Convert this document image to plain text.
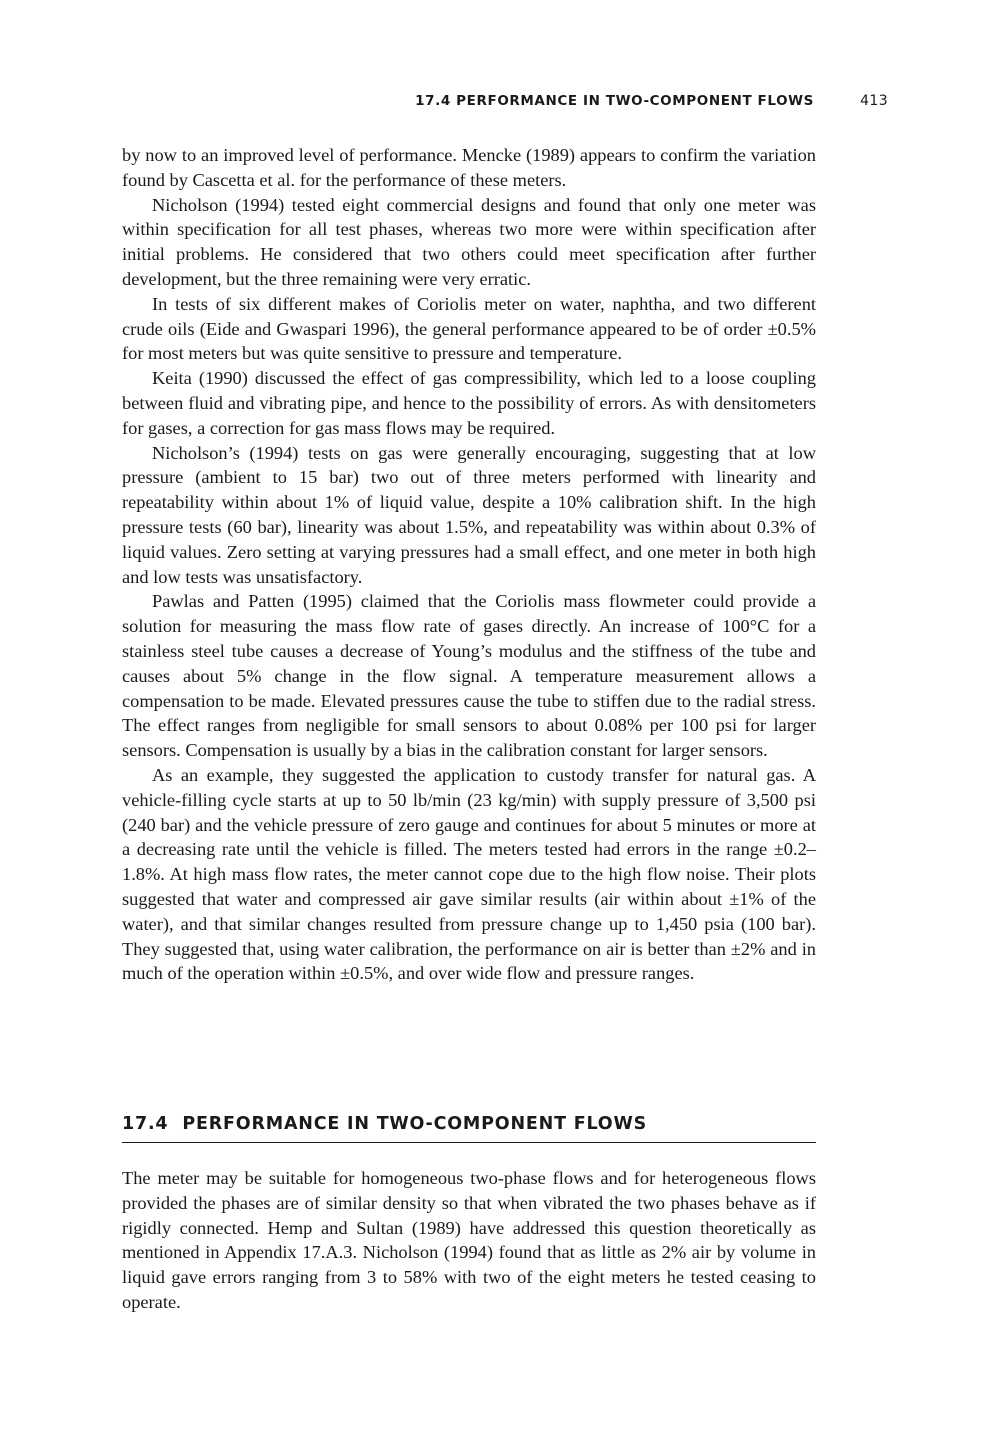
17.4 PERFORMANCE IN TWO-COMPONENT FLOWS	413

by now to an improved level of performance. Mencke (1989) appears to confirm the variation found by Cascetta et al. for the performance of these meters.

Nicholson (1994) tested eight commercial designs and found that only one meter was within specification for all test phases, whereas two more were within specification after initial problems. He considered that two others could meet specification after further development, but the three remaining were very erratic.

In tests of six different makes of Coriolis meter on water, naphtha, and two different crude oils (Eide and Gwaspari 1996), the general performance appeared to be of order ±0.5% for most meters but was quite sensitive to pressure and temperature.

Keita (1990) discussed the effect of gas compressibility, which led to a loose coupling between fluid and vibrating pipe, and hence to the possibility of errors. As with densitometers for gases, a correction for gas mass flows may be required.

Nicholson’s (1994) tests on gas were generally encouraging, suggesting that at low pressure (ambient to 15 bar) two out of three meters performed with linearity and repeatability within about 1% of liquid value, despite a 10% calibration shift. In the high pressure tests (60 bar), linearity was about 1.5%, and repeatability was within about 0.3% of liquid values. Zero setting at varying pressures had a small effect, and one meter in both high and low tests was unsatisfactory.

Pawlas and Patten (1995) claimed that the Coriolis mass flowmeter could provide a solution for measuring the mass flow rate of gases directly. An increase of 100°C for a stainless steel tube causes a decrease of Young’s modulus and the stiffness of the tube and causes about 5% change in the flow signal. A temperature measurement allows a compensation to be made. Elevated pressures cause the tube to stiffen due to the radial stress. The effect ranges from negligible for small sensors to about 0.08% per 100 psi for larger sensors. Compensation is usually by a bias in the calibration constant for larger sensors.

As an example, they suggested the application to custody transfer for natural gas. A vehicle-filling cycle starts at up to 50 lb/min (23 kg/min) with supply pressure of 3,500 psi (240 bar) and the vehicle pressure of zero gauge and continues for about 5 minutes or more at a decreasing rate until the vehicle is filled. The meters tested had errors in the range ±0.2–1.8%. At high mass flow rates, the meter cannot cope due to the high flow noise. Their plots suggested that water and compressed air gave similar results (air within about ±1% of the water), and that similar changes resulted from pressure change up to 1,450 psia (100 bar). They suggested that, using water calibration, the performance on air is better than ±2% and in much of the operation within ±0.5%, and over wide flow and pressure ranges.

17.4 PERFORMANCE IN TWO-COMPONENT FLOWS

The meter may be suitable for homogeneous two-phase flows and for heterogeneous flows provided the phases are of similar density so that when vibrated the two phases behave as if rigidly connected. Hemp and Sultan (1989) have addressed this question theoretically as mentioned in Appendix 17.A.3. Nicholson (1994) found that as little as 2% air by volume in liquid gave errors ranging from 3 to 58% with two of the eight meters he tested ceasing to operate.
